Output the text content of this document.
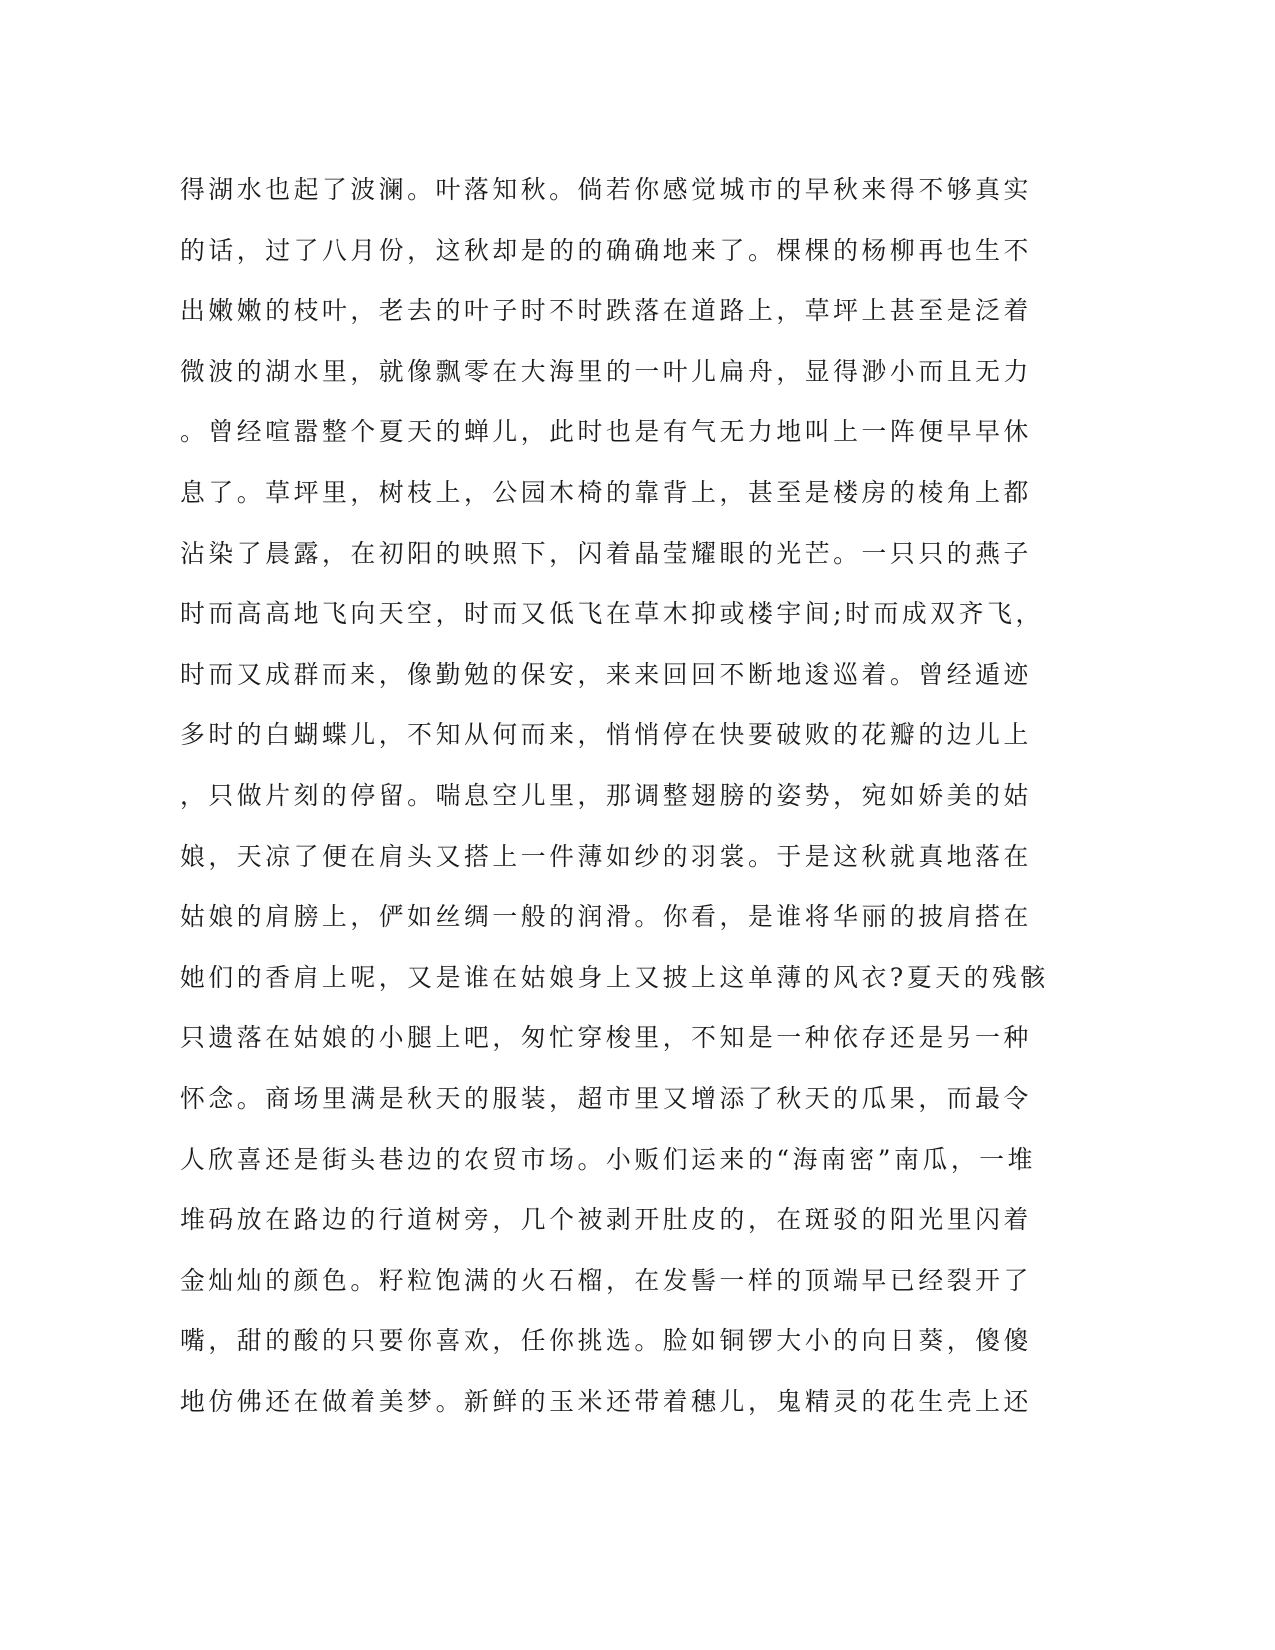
得湖水也起了波澜。叶落知秋。倘若你感觉城市的早秋来得不够真实
的话，过了八月份，这秋却是的的确确地来了。棵棵的杨柳再也生不
出嫩嫩的枝叶，老去的叶子时不时跌落在道路上，草坪上甚至是泛着
微波的湖水里，就像飘零在大海里的一叶儿扁舟，显得渺小而且无力
。曾经喧嚣整个夏天的蝉儿，此时也是有气无力地叫上一阵便早早休
息了。草坪里，树枝上，公园木椅的靠背上，甚至是楼房的棱角上都
沾染了晨露，在初阳的映照下，闪着晶莹耀眼的光芒。一只只的燕子
时而高高地飞向天空，时而又低飞在草木抑或楼宇间;时而成双齐飞，
时而又成群而来，像勤勉的保安，来来回回不断地逡巡着。曾经遁迹
多时的白蝴蝶儿，不知从何而来，悄悄停在快要破败的花瓣的边儿上
，只做片刻的停留。喘息空儿里，那调整翅膀的姿势，宛如娇美的姑
娘，天凉了便在肩头又搭上一件薄如纱的羽裳。于是这秋就真地落在
姑娘的肩膀上，俨如丝绸一般的润滑。你看，是谁将华丽的披肩搭在
她们的香肩上呢，又是谁在姑娘身上又披上这单薄的风衣?夏天的残骸
只遗落在姑娘的小腿上吧，匆忙穿梭里，不知是一种依存还是另一种
怀念。商场里满是秋天的服装，超市里又增添了秋天的瓜果，而最令
人欣喜还是街头巷边的农贸市场。小贩们运来的“海南密”南瓜，一堆
堆码放在路边的行道树旁，几个被剥开肚皮的，在斑驳的阳光里闪着
金灿灿的颜色。籽粒饱满的火石榴，在发髻一样的顶端早已经裂开了
嘴，甜的酸的只要你喜欢，任你挑选。脸如铜锣大小的向日葵，傻傻
地仿佛还在做着美梦。新鲜的玉米还带着穗儿，鬼精灵的花生壳上还
